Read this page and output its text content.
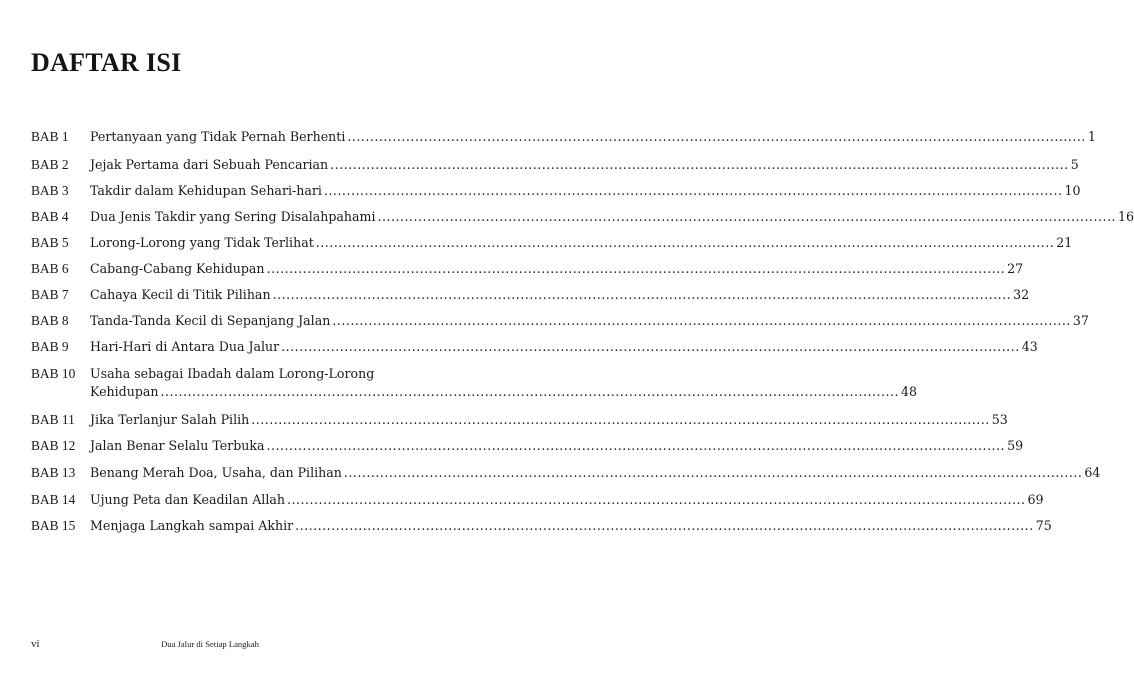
DAFTAR ISI
BAB 1	Pertanyaan yang Tidak Pernah Berhenti .....	1
BAB 2	Jejak Pertama dari Sebuah Pencarian .....	5
BAB 3	Takdir dalam Kehidupan Sehari-hari .....	10
BAB 4	Dua Jenis Takdir yang Sering Disalahpahami .....	16
BAB 5	Lorong-Lorong yang Tidak Terlihat .....	21
BAB 6	Cabang-Cabang Kehidupan .....	27
BAB 7	Cahaya Kecil di Titik Pilihan .....	32
BAB 8	Tanda-Tanda Kecil di Sepanjang Jalan .....	37
BAB 9	Hari-Hari di Antara Dua Jalur .....	43
BAB 10	Usaha sebagai Ibadah dalam Lorong-Lorong
Kehidupan .....	48
BAB 11	Jika Terlanjur Salah Pilih .....	53
BAB 12	Jalan Benar Selalu Terbuka .....	59
BAB 13	Benang Merah Doa, Usaha, dan Pilihan .....	64
BAB 14	Ujung Peta dan Keadilan Allah .....	69
BAB 15	Menjaga Langkah sampai Akhir .....	75
vi	Dua Jalur di Setiap Langkah
